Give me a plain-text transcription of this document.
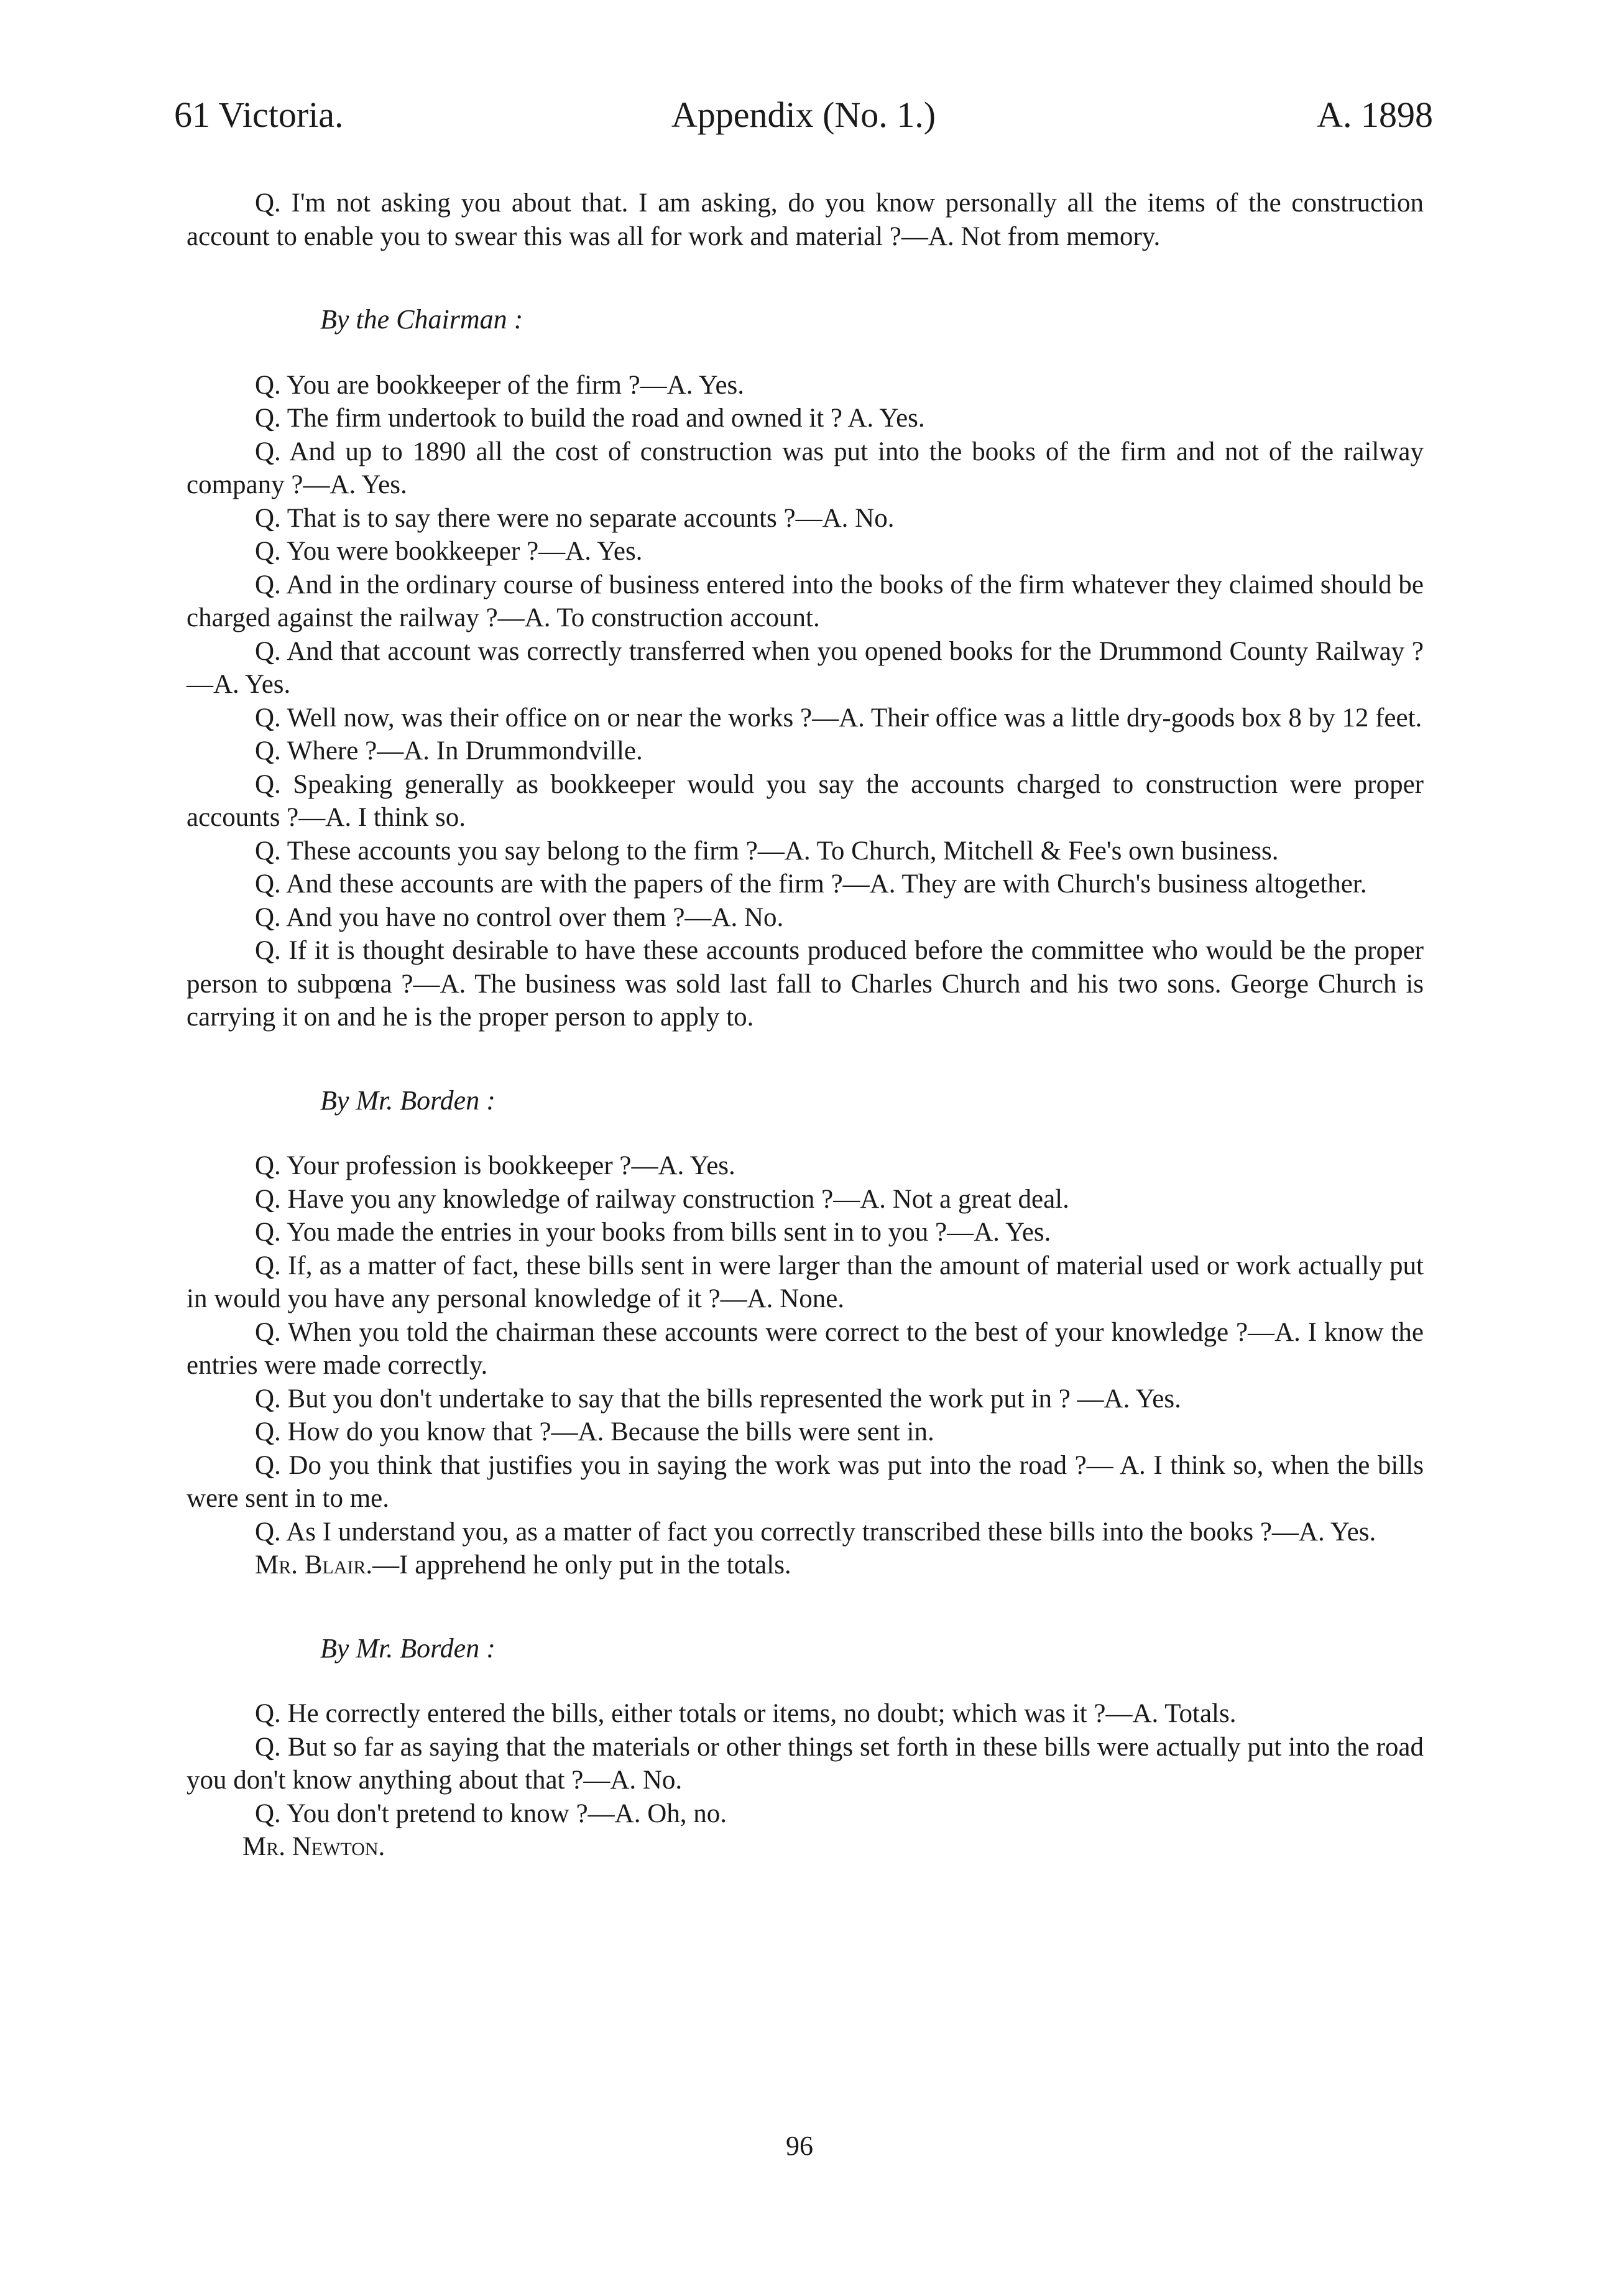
61 Victoria.	Appendix (No. 1.)	A. 1898

Q. I'm not asking you about that. I am asking, do you know personally all the items of the construction account to enable you to swear this was all for work and material ?—A. Not from memory.

By the Chairman :

Q. You are bookkeeper of the firm ?—A. Yes.

Q. The firm undertook to build the road and owned it ? A. Yes.

Q. And up to 1890 all the cost of construction was put into the books of the firm and not of the railway company ?—A. Yes.

Q. That is to say there were no separate accounts ?—A. No.

Q. You were bookkeeper ?—A. Yes.

Q. And in the ordinary course of business entered into the books of the firm whatever they claimed should be charged against the railway ?—A. To construction account.

Q. And that account was correctly transferred when you opened books for the Drummond County Railway ?—A. Yes.

Q. Well now, was their office on or near the works ?—A. Their office was a little dry-goods box 8 by 12 feet.

Q. Where ?—A. In Drummondville.

Q. Speaking generally as bookkeeper would you say the accounts charged to construction were proper accounts ?—A. I think so.

Q. These accounts you say belong to the firm ?—A. To Church, Mitchell & Fee's own business.

Q. And these accounts are with the papers of the firm ?—A. They are with Church's business altogether.

Q. And you have no control over them ?—A. No.

Q. If it is thought desirable to have these accounts produced before the committee who would be the proper person to subpœna ?—A. The business was sold last fall to Charles Church and his two sons. George Church is carrying it on and he is the proper person to apply to.

By Mr. Borden :

Q. Your profession is bookkeeper ?—A. Yes.

Q. Have you any knowledge of railway construction ?—A. Not a great deal.

Q. You made the entries in your books from bills sent in to you ?—A. Yes.

Q. If, as a matter of fact, these bills sent in were larger than the amount of material used or work actually put in would you have any personal knowledge of it ?—A. None.

Q. When you told the chairman these accounts were correct to the best of your knowledge ?—A. I know the entries were made correctly.

Q. But you don't undertake to say that the bills represented the work put in ? —A. Yes.

Q. How do you know that ?—A. Because the bills were sent in.

Q. Do you think that justifies you in saying the work was put into the road ?— A. I think so, when the bills were sent in to me.

Q. As I understand you, as a matter of fact you correctly transcribed these bills into the books ?—A. Yes.

Mr. Blair.—I apprehend he only put in the totals.

By Mr. Borden :

Q. He correctly entered the bills, either totals or items, no doubt; which was it ?—A. Totals.

Q. But so far as saying that the materials or other things set forth in these bills were actually put into the road you don't know anything about that ?—A. No.

Q. You don't pretend to know ?—A. Oh, no.

Mr. Newton.

96
